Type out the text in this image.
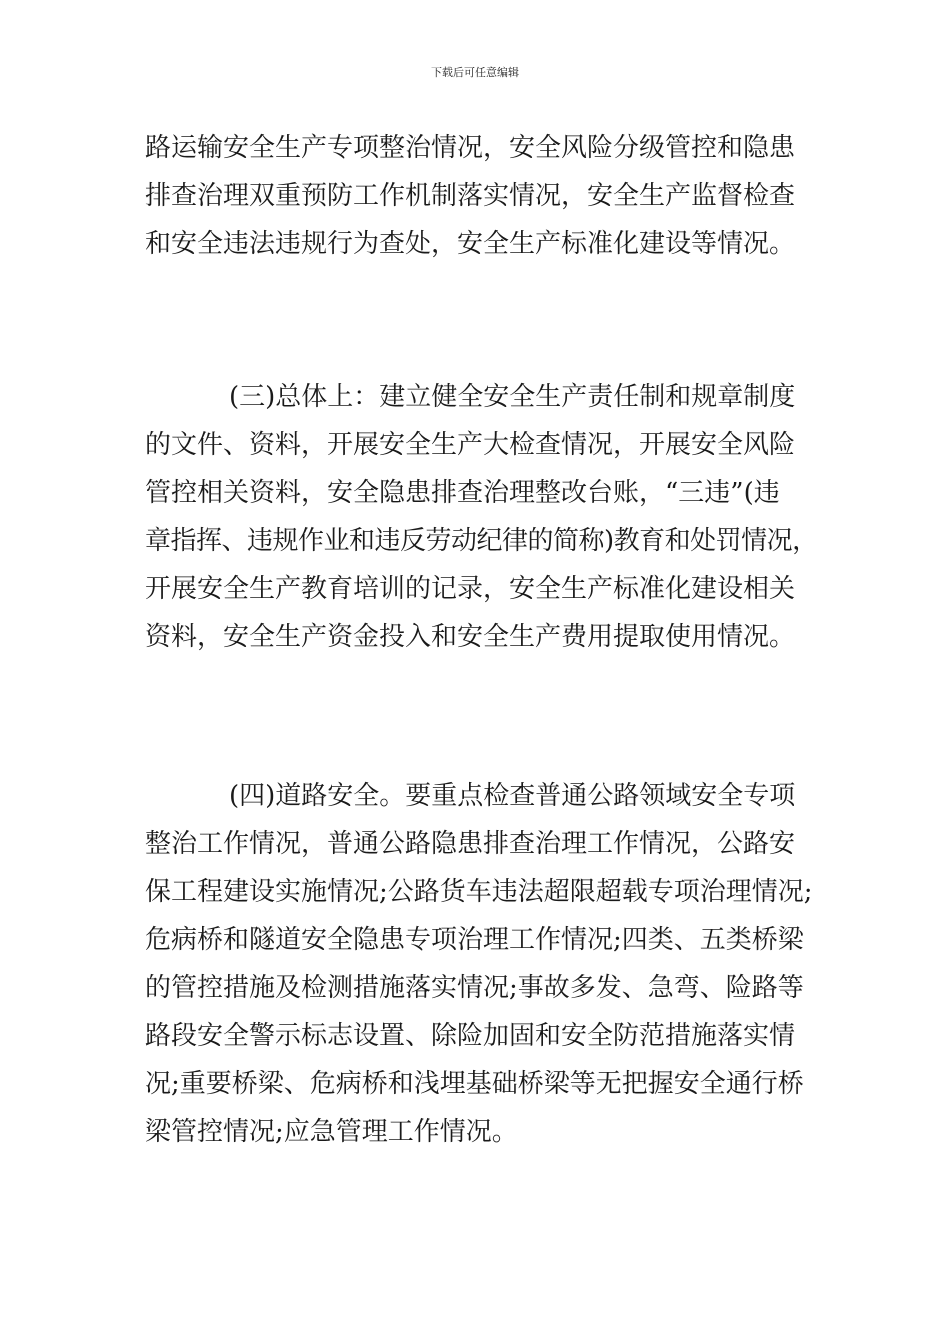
下载后可任意编辑
路运输安全生产专项整治情况，安全风险分级管控和隐患
排查治理双重预防工作机制落实情况，安全生产监督检查
和安全违法违规行为查处，安全生产标准化建设等情况。
(三)总体上：建立健全安全生产责任制和规章制度
的文件、资料，开展安全生产大检查情况，开展安全风险
管控相关资料，安全隐患排查治理整改台账，“三违”(违
章指挥、违规作业和违反劳动纪律的简称)教育和处罚情况，
开展安全生产教育培训的记录，安全生产标准化建设相关
资料，安全生产资金投入和安全生产费用提取使用情况。
(四)道路安全。要重点检查普通公路领域安全专项
整治工作情况，普通公路隐患排查治理工作情况，公路安
保工程建设实施情况;公路货车违法超限超载专项治理情况;
危病桥和隧道安全隐患专项治理工作情况;四类、五类桥梁
的管控措施及检测措施落实情况;事故多发、急弯、险路等
路段安全警示标志设置、除险加固和安全防范措施落实情
况;重要桥梁、危病桥和浅埋基础桥梁等无把握安全通行桥
梁管控情况;应急管理工作情况。
